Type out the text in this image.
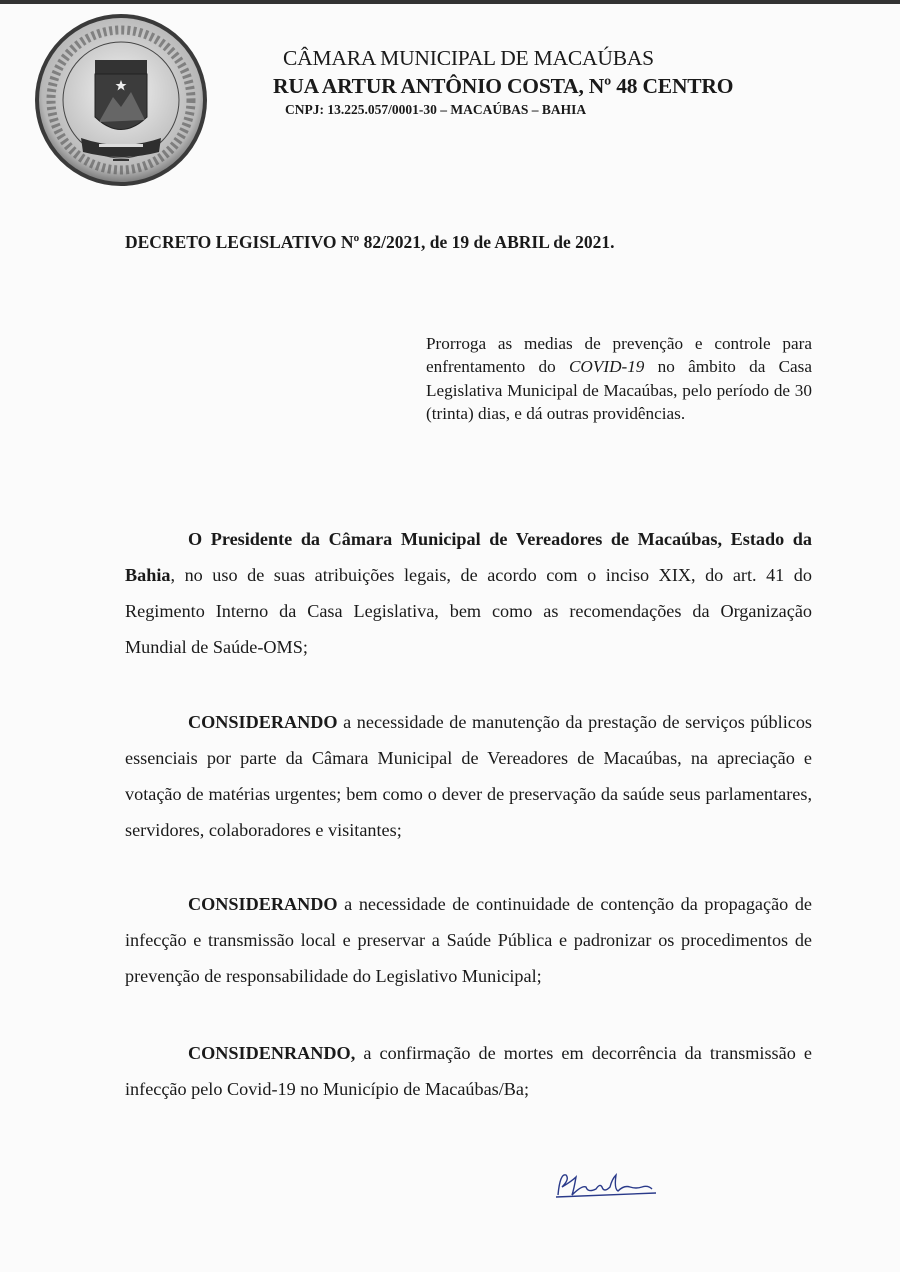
CÂMARA MUNICIPAL DE MACAÚBAS
RUA ARTUR ANTÔNIO COSTA, Nº 48 CENTRO
CNPJ: 13.225.057/0001-30 – MACAÚBAS – BAHIA
DECRETO LEGISLATIVO Nº 82/2021, de 19 de ABRIL de 2021.
Prorroga as medias de prevenção e controle para enfrentamento do COVID-19 no âmbito da Casa Legislativa Municipal de Macaúbas, pelo período de 30 (trinta) dias, e dá outras providências.
O Presidente da Câmara Municipal de Vereadores de Macaúbas, Estado da Bahia, no uso de suas atribuições legais, de acordo com o inciso XIX, do art. 41 do Regimento Interno da Casa Legislativa, bem como as recomendações da Organização Mundial de Saúde-OMS;
CONSIDERANDO a necessidade de manutenção da prestação de serviços públicos essenciais por parte da Câmara Municipal de Vereadores de Macaúbas, na apreciação e votação de matérias urgentes; bem como o dever de preservação da saúde seus parlamentares, servidores, colaboradores e visitantes;
CONSIDERANDO a necessidade de continuidade de contenção da propagação de infecção e transmissão local e preservar a Saúde Pública e padronizar os procedimentos de prevenção de responsabilidade do Legislativo Municipal;
CONSIDENRANDO, a confirmação de mortes em decorrência da transmissão e infecção pelo Covid-19 no Município de Macaúbas/Ba;
